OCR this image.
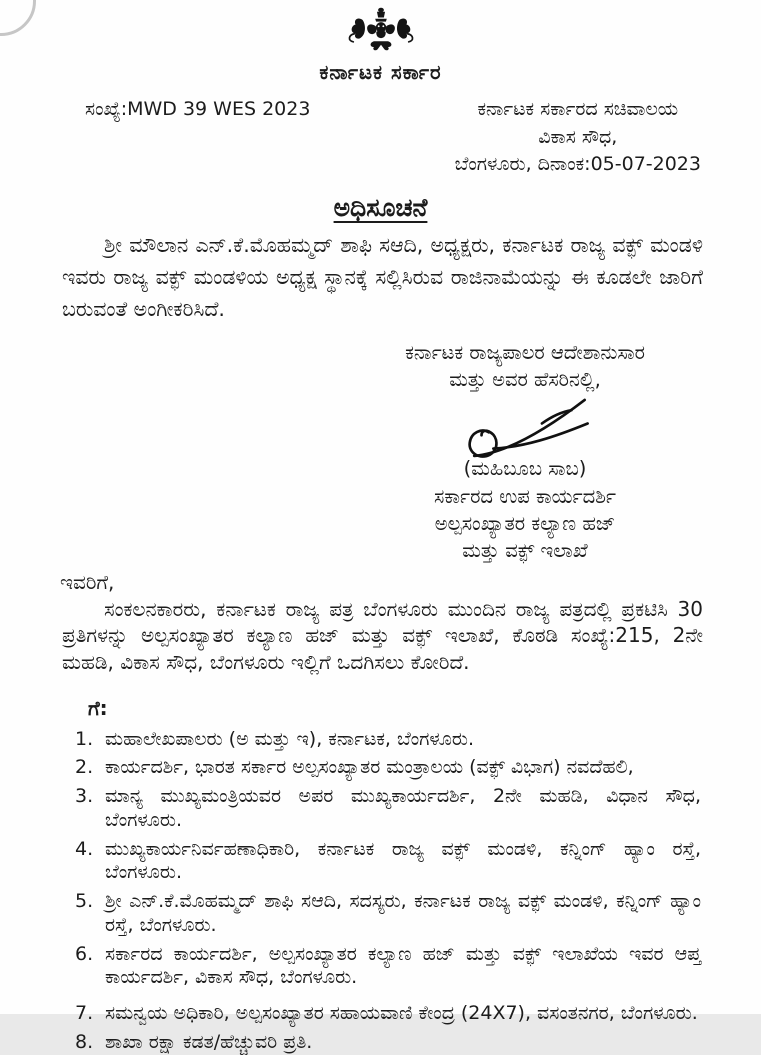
ಕರ್ನಾಟಕ ಸರ್ಕಾರ
ಸಂಖ್ಯೆ:MWD 39 WES 2023	ಕರ್ನಾಟಕ ಸರ್ಕಾರದ ಸಚಿವಾಲಯ
ವಿಕಾಸ ಸೌಧ,
ಬೆಂಗಳೂರು, ದಿನಾಂಕ:05-07-2023
ಅಧಿಸೂಚನೆ

ಶ್ರೀ ಮೌಲಾನ ಎನ್.ಕೆ.ಮೊಹಮ್ಮದ್ ಶಾಫಿ ಸಆದಿ, ಅಧ್ಯಕ್ಷರು, ಕರ್ನಾಟಕ ರಾಜ್ಯ ವಕ್ಫ್ ಮಂಡಳಿ ಇವರು ರಾಜ್ಯ ವಕ್ಫ್ ಮಂಡಳಿಯ ಅಧ್ಯಕ್ಷ ಸ್ಥಾನಕ್ಕೆ ಸಲ್ಲಿಸಿರುವ ರಾಜಿನಾಮೆಯನ್ನು ಈ ಕೂಡಲೇ ಜಾರಿಗೆ ಬರುವಂತೆ ಅಂಗೀಕರಿಸಿದೆ.

ಕರ್ನಾಟಕ ರಾಜ್ಯಪಾಲರ ಆದೇಶಾನುಸಾರ
ಮತ್ತು ಅವರ ಹೆಸರಿನಲ್ಲಿ,
(ಮಹಿಬೂಬ ಸಾಬ)
ಸರ್ಕಾರದ ಉಪ ಕಾರ್ಯದರ್ಶಿ
ಅಲ್ಪಸಂಖ್ಯಾತರ ಕಲ್ಯಾಣ ಹಜ್
ಮತ್ತು ವಕ್ಫ್ ಇಲಾಖೆ
ಇವರಿಗೆ,

ಸಂಕಲನಕಾರರು, ಕರ್ನಾಟಕ ರಾಜ್ಯ ಪತ್ರ ಬೆಂಗಳೂರು ಮುಂದಿನ ರಾಜ್ಯ ಪತ್ರದಲ್ಲಿ ಪ್ರಕಟಿಸಿ 30 ಪ್ರತಿಗಳನ್ನು ಅಲ್ಪಸಂಖ್ಯಾತರ ಕಲ್ಯಾಣ ಹಜ್ ಮತ್ತು ವಕ್ಫ್ ಇಲಾಖೆ, ಕೊಠಡಿ ಸಂಖ್ಯೆ:215, 2ನೇ ಮಹಡಿ, ವಿಕಾಸ ಸೌಧ, ಬೆಂಗಳೂರು ಇಲ್ಲಿಗೆ ಒದಗಿಸಲು ಕೋರಿದೆ.

ಗೆ:
ಮಹಾಲೇಖಪಾಲರು (ಅ ಮತ್ತು ಇ), ಕರ್ನಾಟಕ, ಬೆಂಗಳೂರು.
ಕಾರ್ಯದರ್ಶಿ, ಭಾರತ ಸರ್ಕಾರ ಅಲ್ಪಸಂಖ್ಯಾತರ ಮಂತ್ರಾಲಯ (ವಕ್ಫ್ ವಿಭಾಗ) ನವದೆಹಲಿ,
ಮಾನ್ಯ ಮುಖ್ಯಮಂತ್ರಿಯವರ ಅಪರ ಮುಖ್ಯಕಾರ್ಯದರ್ಶಿ, 2ನೇ ಮಹಡಿ, ವಿಧಾನ ಸೌಧ, ಬೆಂಗಳೂರು.
ಮುಖ್ಯಕಾರ್ಯನಿರ್ವಹಣಾಧಿಕಾರಿ, ಕರ್ನಾಟಕ ರಾಜ್ಯ ವಕ್ಫ್ ಮಂಡಳಿ, ಕನ್ನಿಂಗ್ ಹ್ಯಾಂ ರಸ್ತೆ, ಬೆಂಗಳೂರು.
ಶ್ರೀ ಎನ್.ಕೆ.ಮೊಹಮ್ಮದ್ ಶಾಫಿ ಸಆದಿ, ಸದಸ್ಯರು, ಕರ್ನಾಟಕ ರಾಜ್ಯ ವಕ್ಫ್ ಮಂಡಳಿ, ಕನ್ನಿಂಗ್ ಹ್ಯಾಂ ರಸ್ತೆ, ಬೆಂಗಳೂರು.
ಸರ್ಕಾರದ ಕಾರ್ಯದರ್ಶಿ, ಅಲ್ಪಸಂಖ್ಯಾತರ ಕಲ್ಯಾಣ ಹಜ್ ಮತ್ತು ವಕ್ಫ್ ಇಲಾಖೆಯ ಇವರ ಆಪ್ತ ಕಾರ್ಯದರ್ಶಿ, ವಿಕಾಸ ಸೌಧ, ಬೆಂಗಳೂರು.
ಸಮನ್ವಯ ಅಧಿಕಾರಿ, ಅಲ್ಪಸಂಖ್ಯಾತರ ಸಹಾಯವಾಣಿ ಕೇಂದ್ರ (24X7), ವಸಂತನಗರ, ಬೆಂಗಳೂರು.
ಶಾಖಾ ರಕ್ಷಾ ಕಡತ/ಹೆಚ್ಚುವರಿ ಪ್ರತಿ.
